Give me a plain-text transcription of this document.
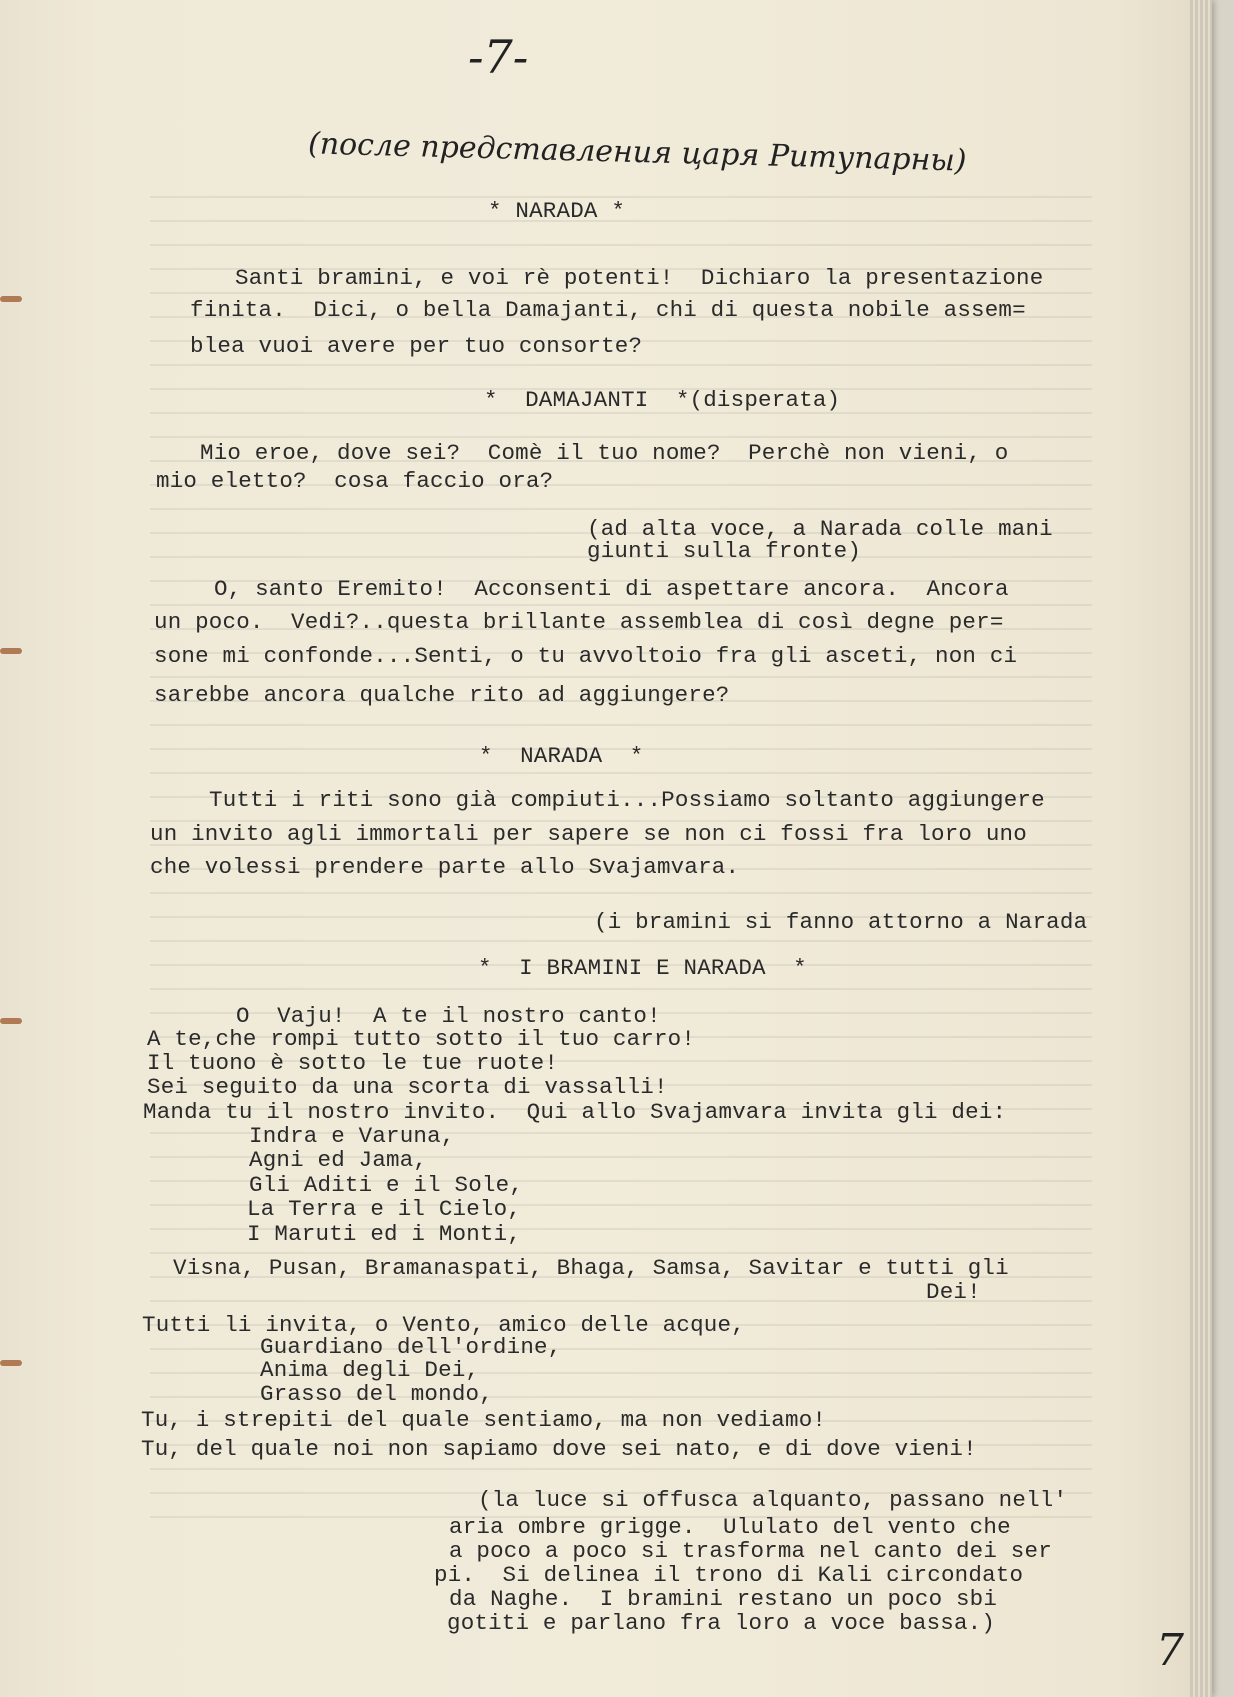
-7-
(после представления царя Ритупарны)
* NARADA *
Santi bramini, e voi rè potenti!  Dichiaro la presentazione
finita.  Dici, o bella Damajanti, chi di questa nobile assem=
blea vuoi avere per tuo consorte?
*  DAMAJANTI  *(disperata)
Mio eroe, dove sei?  Comè il tuo nome?  Perchè non vieni, o
mio eletto?  cosa faccio ora?
(ad alta voce, a Narada colle mani
giunti sulla fronte)
O, santo Eremito!  Acconsenti di aspettare ancora.  Ancora
un poco.  Vedi?..questa brillante assemblea di così degne per=
sone mi confonde...Senti, o tu avvoltoio fra gli asceti, non ci
sarebbe ancora qualche rito ad aggiungere?
*  NARADA  *
Tutti i riti sono già compiuti...Possiamo soltanto aggiungere
un invito agli immortali per sapere se non ci fossi fra loro uno
che volessi prendere parte allo Svajamvara.
(i bramini si fanno attorno a Narada
*  I BRAMINI E NARADA  *
O  Vaju!  A te il nostro canto!
A te,che rompi tutto sotto il tuo carro!
Il tuono è sotto le tue ruote!
Sei seguito da una scorta di vassalli!
Manda tu il nostro invito.  Qui allo Svajamvara invita gli dei:
Indra e Varuna,
Agni ed Jama,
Gli Aditi e il Sole,
La Terra e il Cielo,
I Maruti ed i Monti,
Visna, Pusan, Bramanaspati, Bhaga, Samsa, Savitar e tutti gli
Dei!
Tutti li invita, o Vento, amico delle acque,
Guardiano dell'ordine,
Anima degli Dei,
Grasso del mondo,
Tu, i strepiti del quale sentiamo, ma non vediamo!
Tu, del quale noi non sapiamo dove sei nato, e di dove vieni!
(la luce si offusca alquanto, passano nell'
aria ombre grigge.  Ululato del vento che
a poco a poco si trasforma nel canto dei ser
pi.  Si delinea il trono di Kali circondato
da Naghe.  I bramini restano un poco sbi
gotiti e parlano fra loro a voce bassa.)
7
